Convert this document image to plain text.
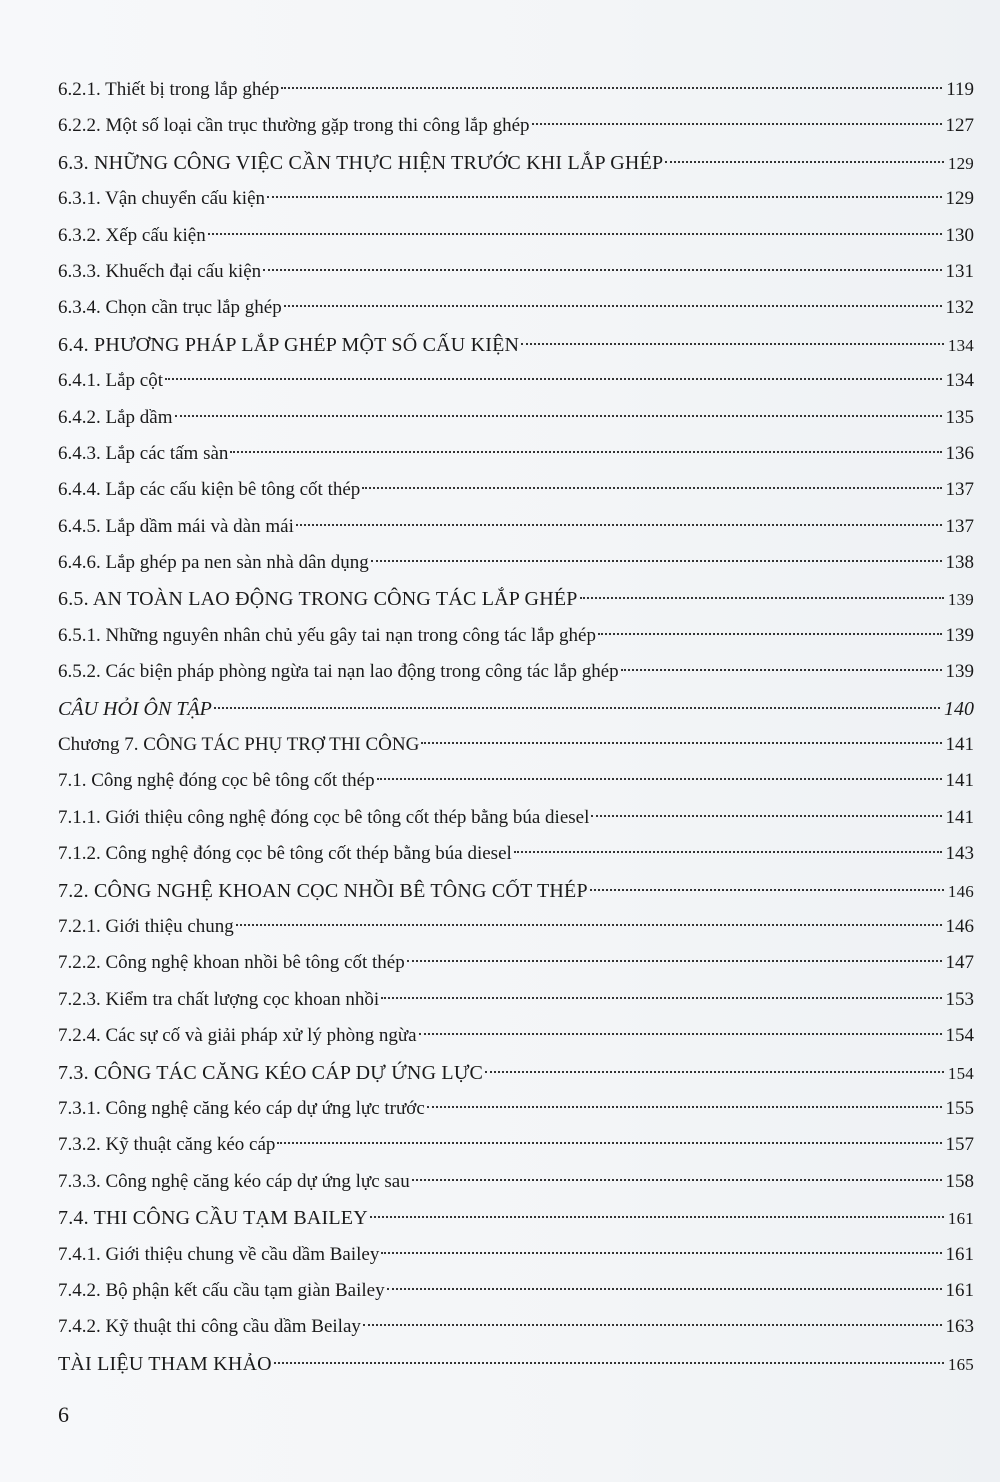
6.2.1. Thiết bị trong lắp ghép	119
6.2.2. Một số loại cần trục thường gặp trong thi công lắp ghép	127
6.3. NHỮNG CÔNG VIỆC CẦN THỰC HIỆN TRƯỚC KHI LẮP GHÉP	129
6.3.1. Vận chuyển cấu kiện	129
6.3.2. Xếp cấu kiện	130
6.3.3. Khuếch đại cấu kiện	131
6.3.4. Chọn cần trục lắp ghép	132
6.4. PHƯƠNG PHÁP LẮP GHÉP MỘT SỐ CẤU KIỆN	134
6.4.1. Lắp cột	134
6.4.2. Lắp dầm	135
6.4.3. Lắp các tấm sàn	136
6.4.4. Lắp các cấu kiện bê tông cốt thép	137
6.4.5. Lắp dầm mái và dàn mái	137
6.4.6. Lắp ghép pa nen sàn nhà dân dụng	138
6.5. AN TOÀN LAO ĐỘNG TRONG CÔNG TÁC LẮP GHÉP	139
6.5.1. Những nguyên nhân chủ yếu gây tai nạn trong công tác lắp ghép	139
6.5.2. Các biện pháp phòng ngừa tai nạn lao động trong công tác lắp ghép	139
CÂU HỎI ÔN TẬP	140
Chương 7. CÔNG TÁC PHỤ TRỢ THI CÔNG	141
7.1. Công nghệ đóng cọc bê tông cốt thép	141
7.1.1. Giới thiệu công nghệ đóng cọc bê tông cốt thép bằng búa diesel	141
7.1.2. Công nghệ đóng cọc bê tông cốt thép bằng búa diesel	143
7.2. CÔNG NGHỆ KHOAN CỌC NHỒI BÊ TÔNG CỐT THÉP	146
7.2.1. Giới thiệu chung	146
7.2.2. Công nghệ khoan nhồi bê tông cốt thép	147
7.2.3. Kiểm tra chất lượng cọc khoan nhồi	153
7.2.4. Các sự cố và giải pháp xử lý phòng ngừa	154
7.3. CÔNG TÁC CĂNG KÉO CÁP DỰ ỨNG LỰC	154
7.3.1. Công nghệ căng kéo cáp dự ứng lực trước	155
7.3.2. Kỹ thuật căng kéo cáp	157
7.3.3. Công nghệ căng kéo cáp dự ứng lực sau	158
7.4. THI CÔNG CẦU TẠM BAILEY	161
7.4.1. Giới thiệu chung về cầu dầm Bailey	161
7.4.2. Bộ phận kết cấu cầu tạm giàn Bailey	161
7.4.2. Kỹ thuật thi công cầu dầm Beilay	163
TÀI LIỆU THAM KHẢO	165
6
